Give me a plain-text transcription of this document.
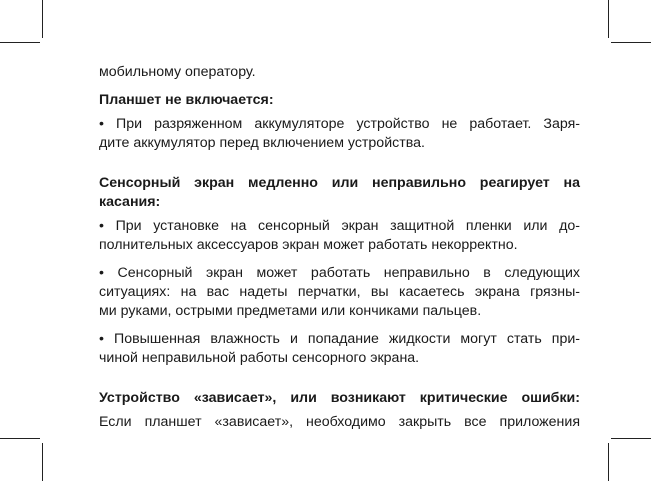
мобильному оператору.
Планшет не включается:
• При разряженном аккумуляторе устройство не работает. Заря-
дите аккумулятор перед включением устройства.
Сенсорный экран медленно или неправильно реагирует на
касания:
• При установке на сенсорный экран защитной пленки или до-
полнительных аксессуаров экран может работать некорректно.
• Сенсорный экран может работать неправильно в следующих
ситуациях: на вас надеты перчатки, вы касаетесь экрана грязны-
ми руками, острыми предметами или кончиками пальцев.
• Повышенная влажность и попадание жидкости могут стать при-
чиной неправильной работы сенсорного экрана.
Устройство «зависает», или возникают критические ошибки:
Если планшет «зависает», необходимо закрыть все приложения
